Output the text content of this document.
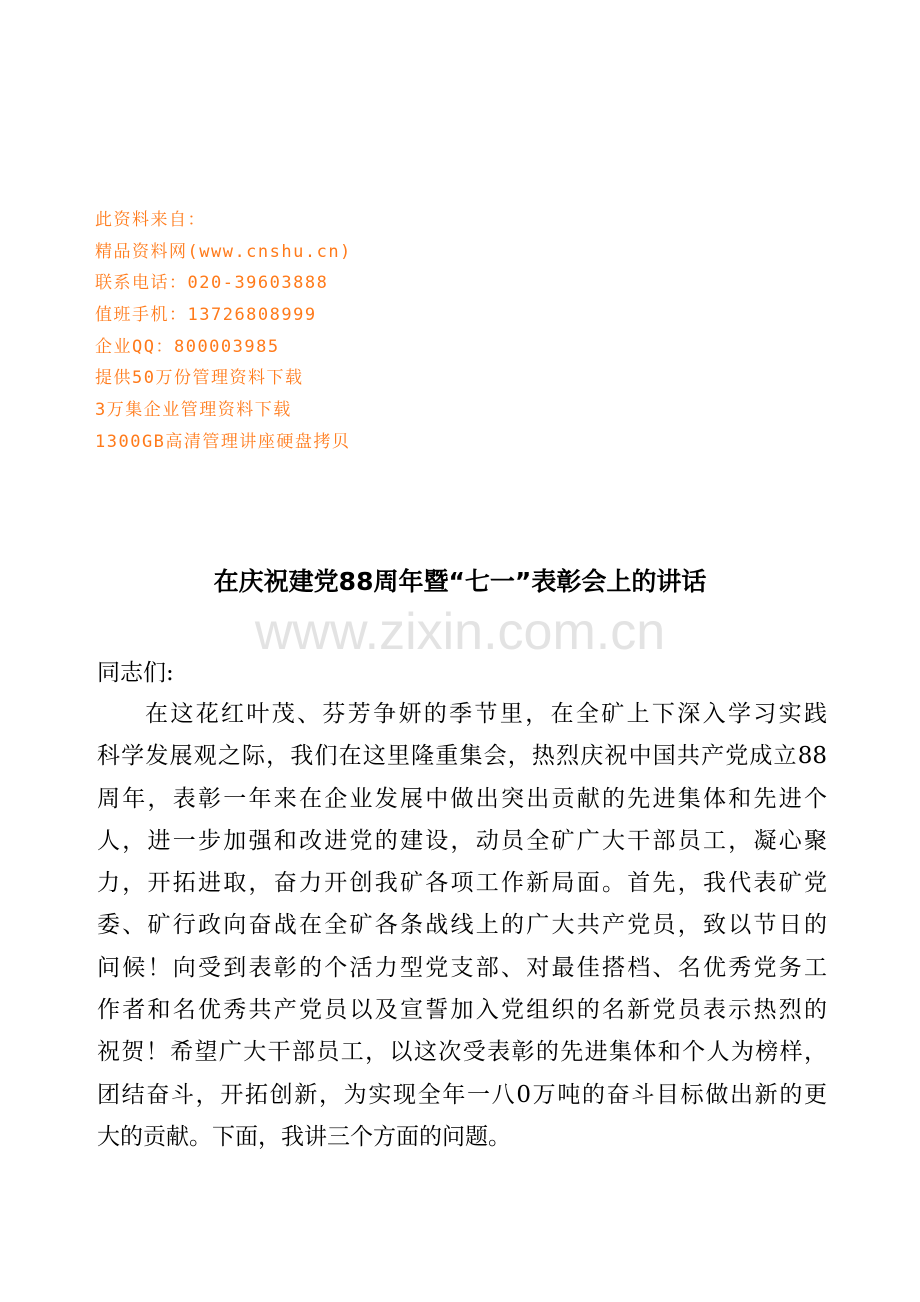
此资料来自：
精品资料网(www.cnshu.cn)
联系电话：020-39603888
值班手机：13726808999
企业QQ：800003985
提供50万份管理资料下载
3万集企业管理资料下载
1300GB高清管理讲座硬盘拷贝
在庆祝建党88周年暨“七一”表彰会上的讲话
www.zixin.com.cn
同志们:
在这花红叶茂、芬芳争妍的季节里，在全矿上下深入学习实践
科学发展观之际，我们在这里隆重集会，热烈庆祝中国共产党成立88
周年，表彰一年来在企业发展中做出突出贡献的先进集体和先进个
人，进一步加强和改进党的建设，动员全矿广大干部员工，凝心聚
力，开拓进取，奋力开创我矿各项工作新局面。首先，我代表矿党
委、矿行政向奋战在全矿各条战线上的广大共产党员，致以节日的
问候！向受到表彰的个活力型党支部、对最佳搭档、名优秀党务工
作者和名优秀共产党员以及宣誓加入党组织的名新党员表示热烈的
祝贺！希望广大干部员工，以这次受表彰的先进集体和个人为榜样，
团结奋斗，开拓创新，为实现全年一八0万吨的奋斗目标做出新的更
大的贡献。下面，我讲三个方面的问题。
